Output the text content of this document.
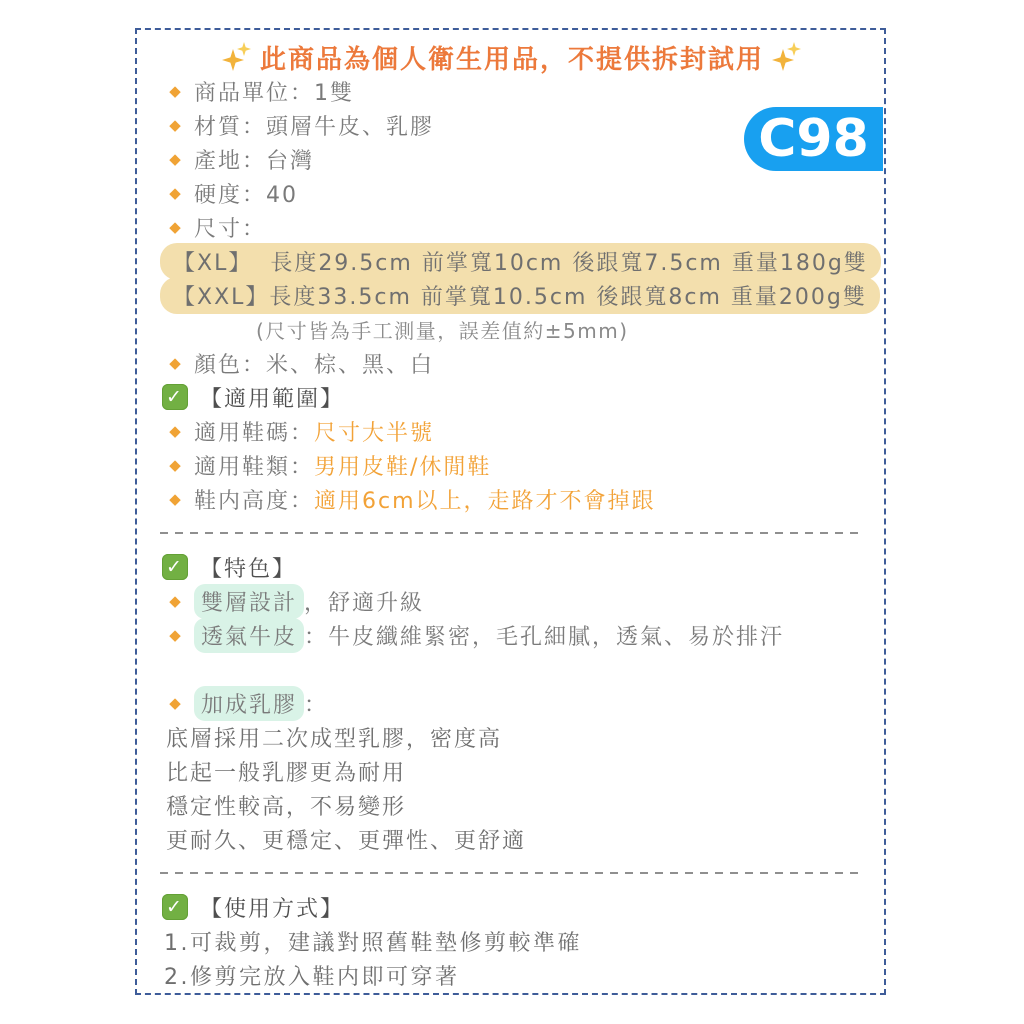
C98
此商品為個人衛生用品，不提供拆封試用
◆ 商品單位：1雙
◆ 材質：頭層牛皮、乳膠
◆ 產地：台灣
◆ 硬度：40
◆ 尺寸：
【XL】  長度29.5cm 前掌寬10cm 後跟寬7.5cm 重量180g雙
【XXL】長度33.5cm 前掌寬10.5cm 後跟寬8cm 重量200g雙
(尺寸皆為手工測量，誤差值約±5mm)
◆ 顏色：米、棕、黑、白
✓ 【適用範圍】
◆ 適用鞋碼： 尺寸大半號
◆ 適用鞋類： 男用皮鞋/休閒鞋
◆ 鞋内高度： 適用6cm以上，走路才不會掉跟
✓ 【特色】
◆ 雙層設計 ，舒適升級
◆ 透氣牛皮 ：牛皮纖維緊密，毛孔細膩，透氣、易於排汗
◆ 加成乳膠 ：
底層採用二次成型乳膠，密度高
比起一般乳膠更為耐用
穩定性較高，不易變形
更耐久、更穩定、更彈性、更舒適
✓ 【使用方式】
1.可裁剪，建議對照舊鞋墊修剪較準確
2.修剪完放入鞋内即可穿著
